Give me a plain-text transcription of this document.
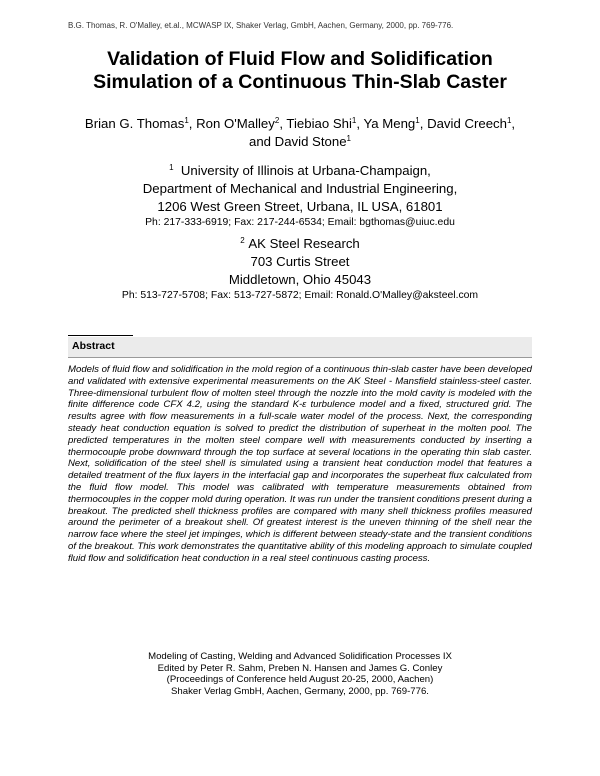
B.G. Thomas, R. O'Malley, et.al., MCWASP IX, Shaker Verlag, GmbH, Aachen, Germany, 2000, pp. 769-776.
Validation of Fluid Flow and Solidification
Simulation of a Continuous Thin-Slab Caster
Brian G. Thomas$^1$, Ron O'Malley$^2$, Tiebiao Shi$^1$, Ya Meng$^1$, David Creech$^1$,
and David Stone$^1$
$^1$ University of Illinois at Urbana-Champaign,
Department of Mechanical and Industrial Engineering,
1206 West Green Street, Urbana, IL USA, 61801
Ph: 217-333-6919; Fax: 217-244-6534; Email: bgthomas@uiuc.edu
$^2$ AK Steel Research
703 Curtis Street
Middletown, Ohio 45043
Ph: 513-727-5708; Fax: 513-727-5872; Email: Ronald.O'Malley@aksteel.com
Abstract
Models of fluid flow and solidification in the mold region of a continuous thin-slab caster have been developed and validated with extensive experimental measurements on the AK Steel - Mansfield stainless-steel caster. Three-dimensional turbulent flow of molten steel through the nozzle into the mold cavity is modeled with the finite difference code CFX 4.2, using the standard K-ε turbulence model and a fixed, structured grid. The results agree with flow measurements in a full-scale water model of the process. Next, the corresponding steady heat conduction equation is solved to predict the distribution of superheat in the molten pool. The predicted temperatures in the molten steel compare well with measurements conducted by inserting a thermocouple probe downward through the top surface at several locations in the operating thin slab caster. Next, solidification of the steel shell is simulated using a transient heat conduction model that features a detailed treatment of the flux layers in the interfacial gap and incorporates the superheat flux calculated from the fluid flow model. This model was calibrated with temperature measurements obtained from thermocouples in the copper mold during operation. It was run under the transient conditions present during a breakout. The predicted shell thickness profiles are compared with many shell thickness profiles measured around the perimeter of a breakout shell. Of greatest interest is the uneven thinning of the shell near the narrow face where the steel jet impinges, which is different between steady-state and the transient conditions of the breakout. This work demonstrates the quantitative ability of this modeling approach to simulate coupled fluid flow and solidification heat conduction in a real steel continuous casting process.
Modeling of Casting, Welding and Advanced Solidification Processes IX
Edited by Peter R. Sahm, Preben N. Hansen and James G. Conley
(Proceedings of Conference held August 20-25, 2000, Aachen)
Shaker Verlag GmbH, Aachen, Germany, 2000, pp. 769-776.
